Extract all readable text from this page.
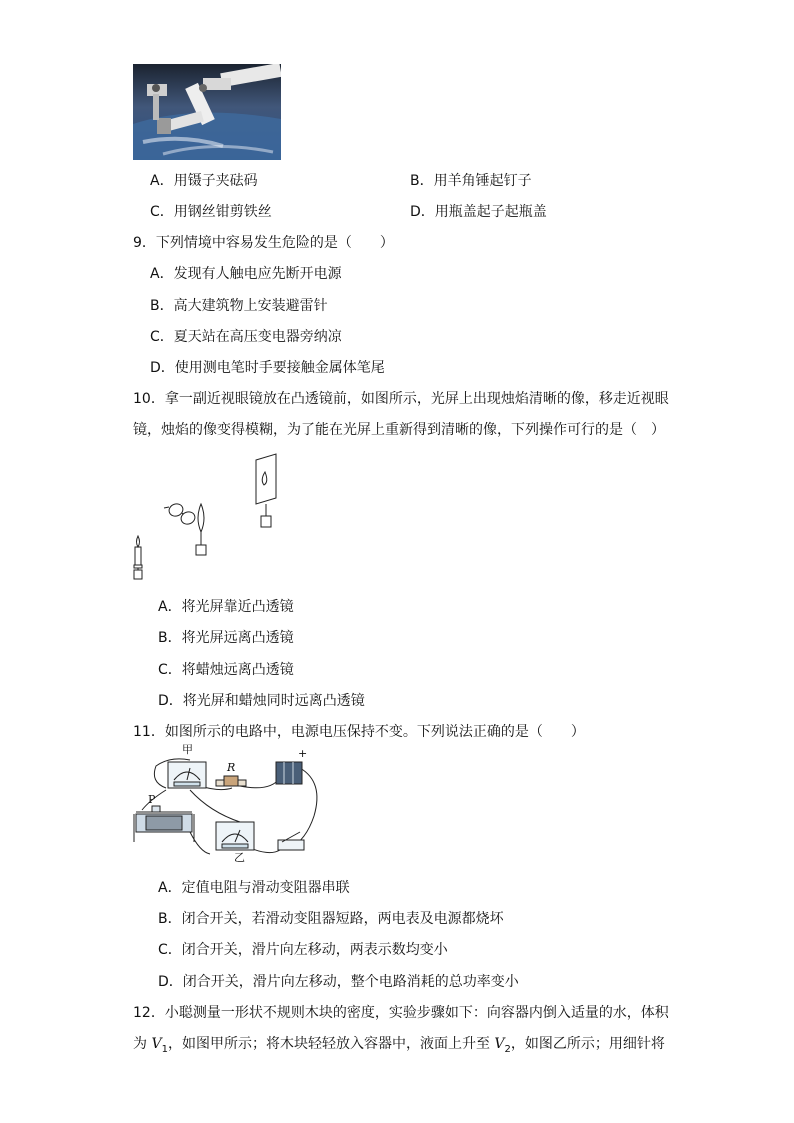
A．用镊子夹砝码	B．用羊角锤起钉子
C．用钢丝钳剪铁丝	D．用瓶盖起子起瓶盖
9．下列情境中容易发生危险的是（　　）
A．发现有人触电应先断开电源
B．高大建筑物上安装避雷针
C．夏天站在高压变电器旁纳凉
D．使用测电笔时手要接触金属体笔尾
10．拿一副近视眼镜放在凸透镜前，如图所示，光屏上出现烛焰清晰的像，移走近视眼
镜，烛焰的像变得模糊，为了能在光屏上重新得到清晰的像，下列操作可行的是（　）
A．将光屏靠近凸透镜
B．将光屏远离凸透镜
C．将蜡烛远离凸透镜
D．将光屏和蜡烛同时远离凸透镜
11．如图所示的电路中，电源电压保持不变。下列说法正确的是（　　）
甲
R
+
P
乙
A．定值电阻与滑动变阻器串联
B．闭合开关，若滑动变阻器短路，两电表及电源都烧坏
C．闭合开关，滑片向左移动，两表示数均变小
D．闭合开关，滑片向左移动，整个电路消耗的总功率变小
12．小聪测量一形状不规则木块的密度，实验步骤如下：向容器内倒入适量的水，体积
为 $V_1$，如图甲所示；将木块轻轻放入容器中，液面上升至 $V_2$，如图乙所示；用细针将
